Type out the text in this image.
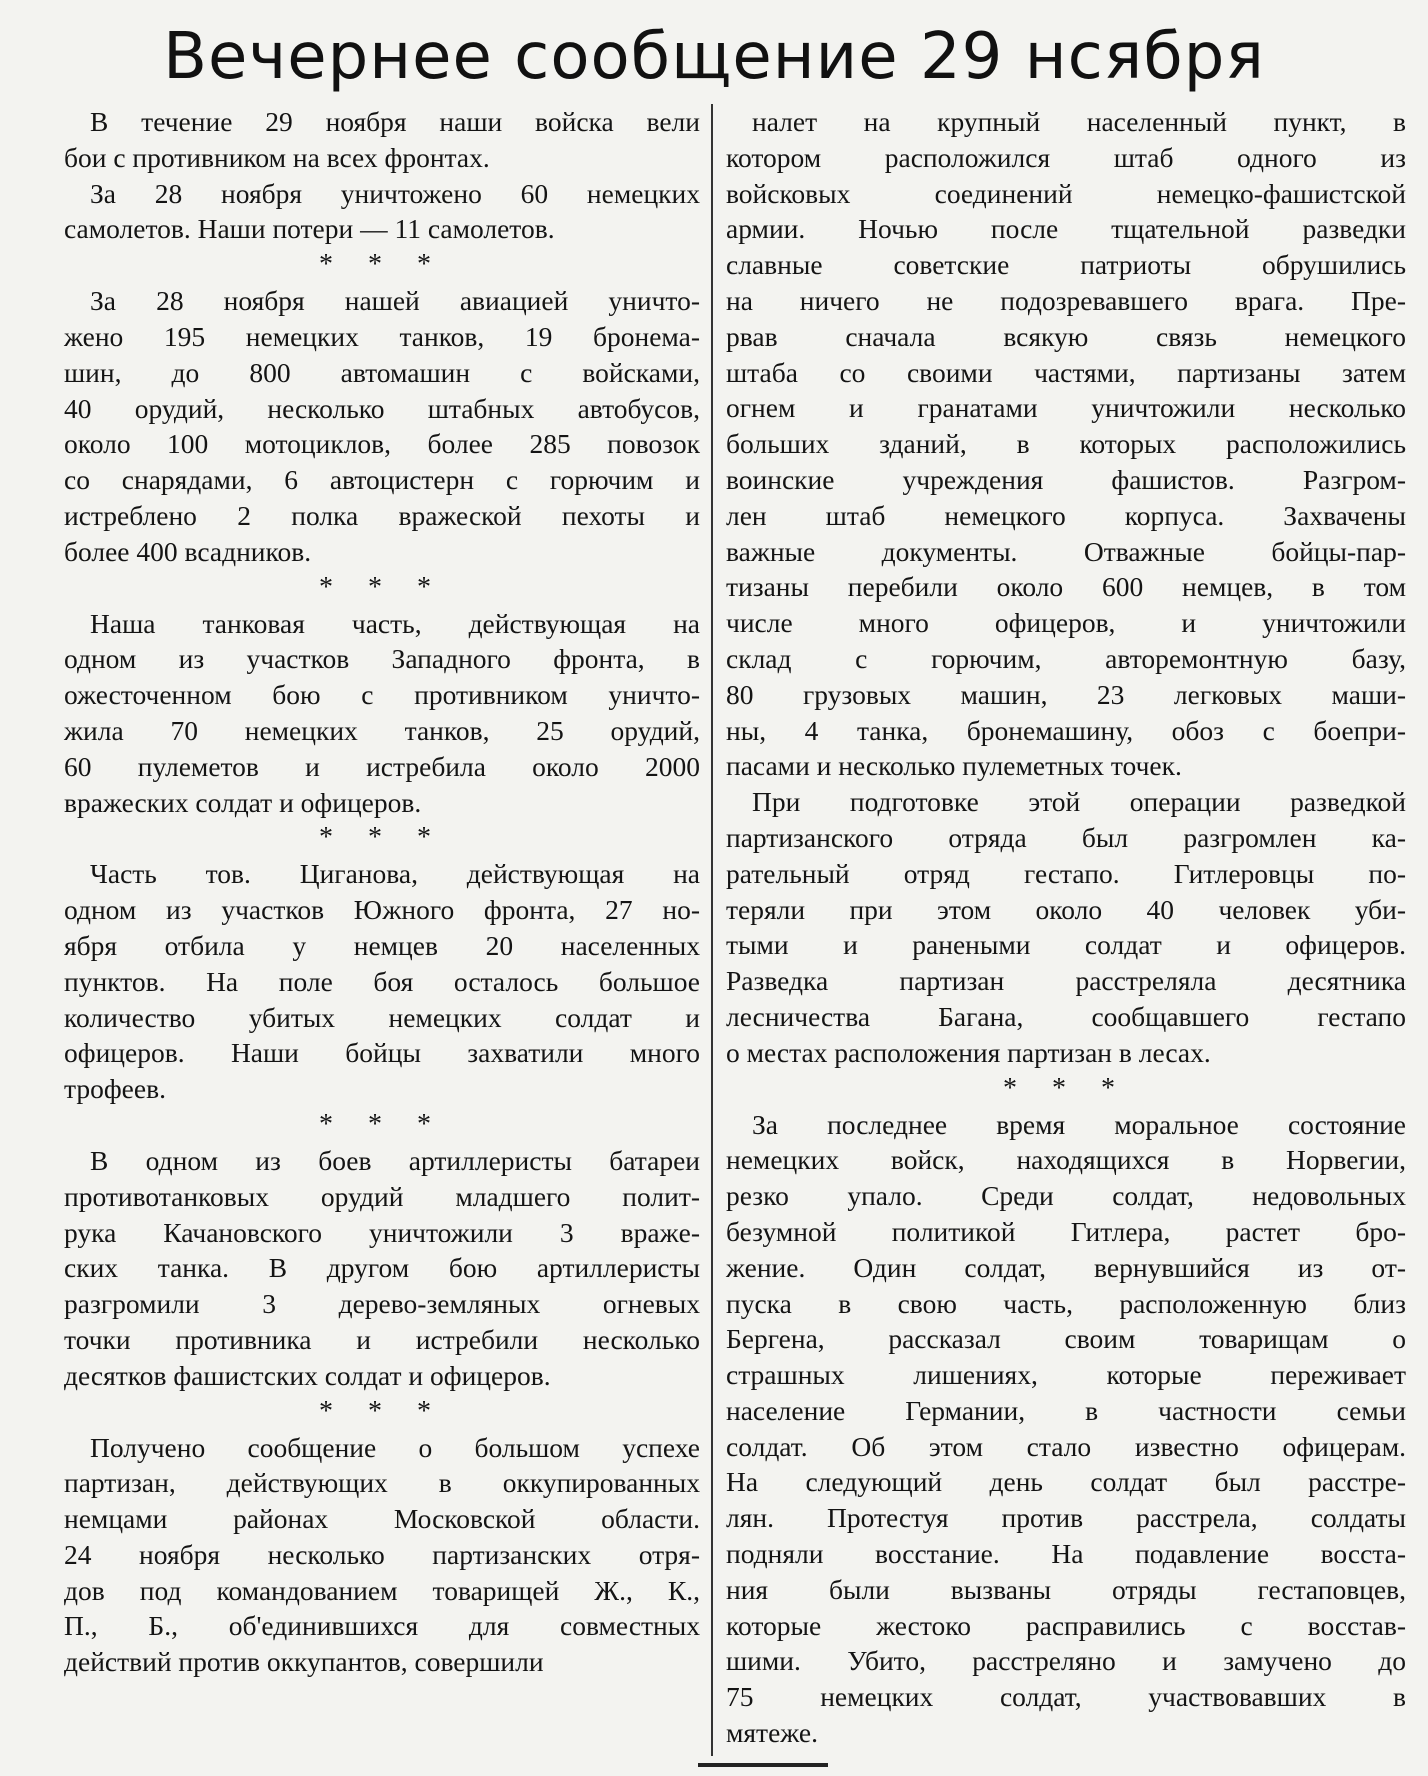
Вечернее сообщение 29 нсября

В течение 29 ноября наши войска вели

бои с противником на всех фронтах.

За 28 ноября уничтожено 60 немецких

самолетов. Наши потери — 11 самолетов.

* * *

За 28 ноября нашей авиацией уничто-

жено 195 немецких танков, 19 бронема-

шин, до 800 автомашин с войсками,

40 орудий, несколько штабных автобусов,

около 100 мотоциклов, более 285 повозок

со снарядами, 6 автоцистерн с горючим и

истреблено 2 полка вражеской пехоты и

более 400 всадников.

* * *

Наша танковая часть, действующая на

одном из участков Западного фронта, в

ожесточенном бою с противником уничто-

жила 70 немецких танков, 25 орудий,

60 пулеметов и истребила около 2000

вражеских солдат и офицеров.

* * *

Часть тов. Циганова, действующая на

одном из участков Южного фронта, 27 но-

ября отбила у немцев 20 населенных

пунктов. На поле боя осталось большое

количество убитых немецких солдат и

офицеров. Наши бойцы захватили много

трофеев.

* * *

В одном из боев артиллеристы батареи

противотанковых орудий младшего полит-

рука Качановского уничтожили 3 вражe-

ских танка. В другом бою артиллеристы

разгромили 3 дерево-земляных огневых

точки противника и истребили несколько

десятков фашистских солдат и офицеров.

* * *

Получено сообщение о большом успехе

партизан, действующих в оккупированных

немцами районах Московской области.

24 ноября несколько партизанских отря-

дов под командованием товарищей Ж., К.,

П., Б., об'единившихся для совместных

действий против оккупантов, совершили

налет на крупный населенный пункт, в

котором расположился штаб одного из

войсковых соединений немецко-фашистской

армии. Ночью после тщательной разведки

славные советские патриоты обрушились

на ничего не подозревавшего врага. Пре-

рвав сначала всякую связь немецкого

штаба со своими частями, партизаны затем

огнем и гранатами уничтожили несколько

больших зданий, в которых расположились

воинские учреждения фашистов. Разгром-

лен штаб немецкого корпуса. Захвачены

важные документы. Отважные бойцы-пар-

тизаны перебили около 600 немцев, в том

числе много офицеров, и уничтожили

склад с горючим, авторемонтную базу,

80 грузовых машин, 23 легковых маши-

ны, 4 танка, бронемашину, обоз с боепри-

пасами и несколько пулеметных точек.

При подготовке этой операции разведкой

партизанского отряда был разгромлен ка-

рательный отряд гестапо. Гитлеровцы по-

теряли при этом около 40 человек уби-

тыми и ранеными солдат и офицеров.

Разведка партизан расстреляла десятника

лесничества Багана, сообщавшего гестапо

о местах расположения партизан в лесах.

* * *

За последнее время моральное состояние

немецких войск, находящихся в Норвегии,

резко упало. Среди солдат, недовольных

безумной политикой Гитлера, растет бро-

жение. Один солдат, вернувшийся из от-

пуска в свою часть, расположенную близ

Бергена, рассказал своим товарищам о

страшных лишениях, которые переживает

население Германии, в частности семьи

солдат. Об этом стало известно офицерам.

На следующий день солдат был расстре-

лян. Протестуя против расстрела, солдаты

подняли восстание. На подавление восста-

ния были вызваны отряды гестаповцев,

которые жестоко расправились с восстав-

шими. Убито, расстреляно и замучено до

75 немецких солдат, участвовавших в

мятеже.
